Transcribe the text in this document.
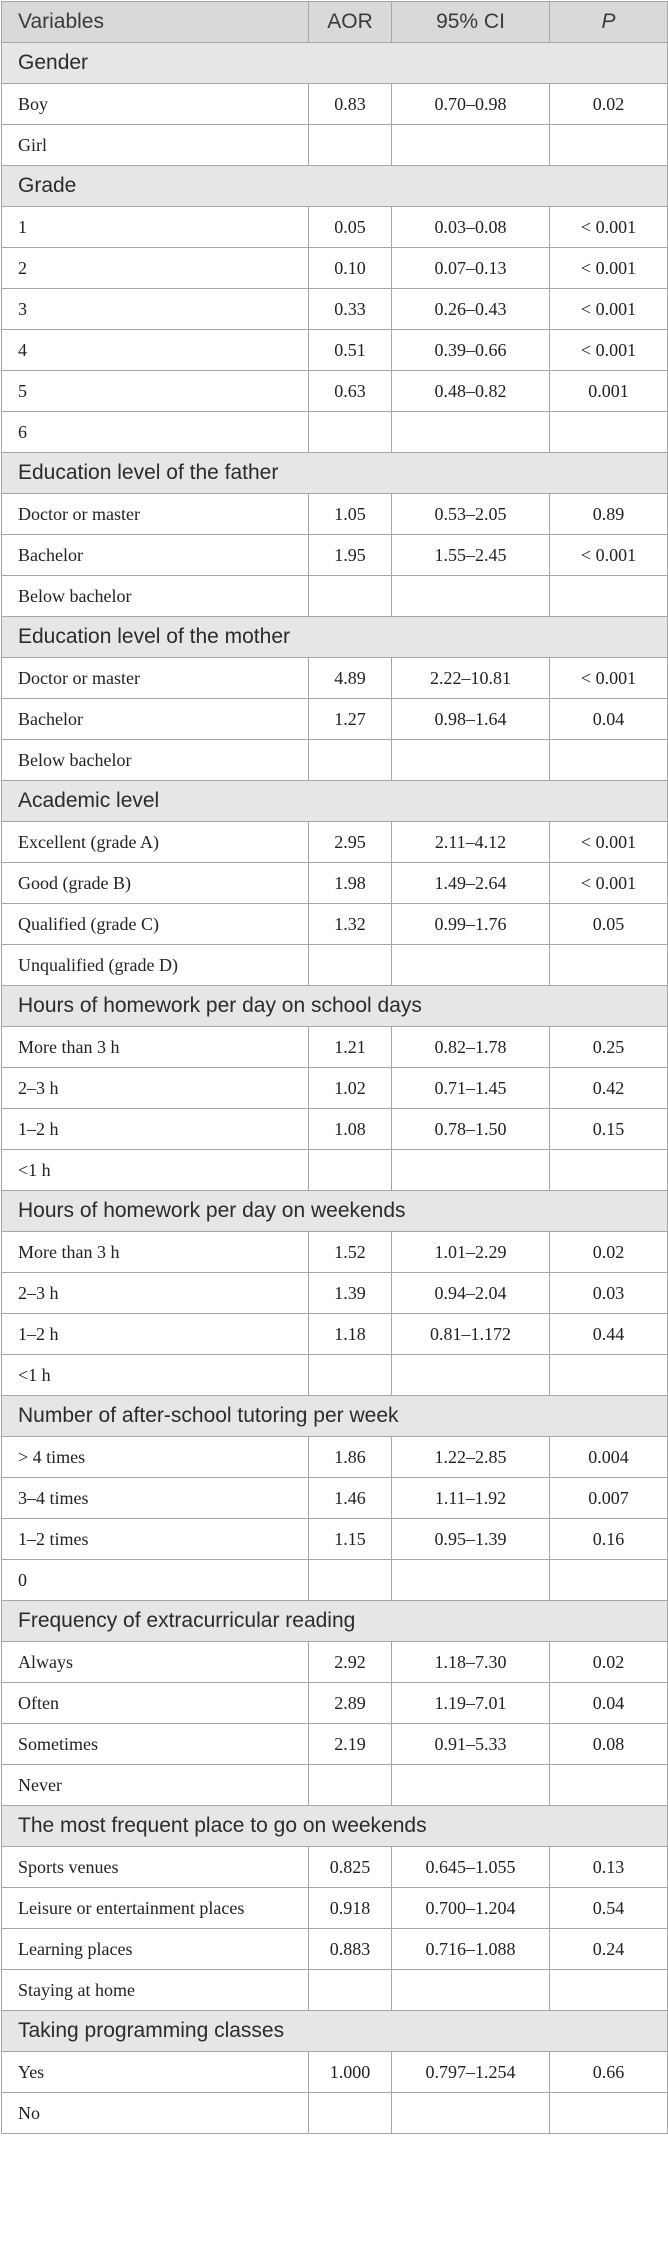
Variables	AOR	95% CI	P
Gender			
Boy	0.83	0.70–0.98	0.02
Girl			
Grade			
1	0.05	0.03–0.08	< 0.001
2	0.10	0.07–0.13	< 0.001
3	0.33	0.26–0.43	< 0.001
4	0.51	0.39–0.66	< 0.001
5	0.63	0.48–0.82	0.001
6			
Education level of the father			
Doctor or master	1.05	0.53–2.05	0.89
Bachelor	1.95	1.55–2.45	< 0.001
Below bachelor			
Education level of the mother			
Doctor or master	4.89	2.22–10.81	< 0.001
Bachelor	1.27	0.98–1.64	0.04
Below bachelor			
Academic level			
Excellent (grade A)	2.95	2.11–4.12	< 0.001
Good (grade B)	1.98	1.49–2.64	< 0.001
Qualified (grade C)	1.32	0.99–1.76	0.05
Unqualified (grade D)			
Hours of homework per day on school days			
More than 3 h	1.21	0.82–1.78	0.25
2–3 h	1.02	0.71–1.45	0.42
1–2 h	1.08	0.78–1.50	0.15
<1 h			
Hours of homework per day on weekends			
More than 3 h	1.52	1.01–2.29	0.02
2–3 h	1.39	0.94–2.04	0.03
1–2 h	1.18	0.81–1.172	0.44
<1 h			
Number of after-school tutoring per week			
> 4 times	1.86	1.22–2.85	0.004
3–4 times	1.46	1.11–1.92	0.007
1–2 times	1.15	0.95–1.39	0.16
0			
Frequency of extracurricular reading			
Always	2.92	1.18–7.30	0.02
Often	2.89	1.19–7.01	0.04
Sometimes	2.19	0.91–5.33	0.08
Never			
The most frequent place to go on weekends			
Sports venues	0.825	0.645–1.055	0.13
Leisure or entertainment places	0.918	0.700–1.204	0.54
Learning places	0.883	0.716–1.088	0.24
Staying at home			
Taking programming classes			
Yes	1.000	0.797–1.254	0.66
No			
